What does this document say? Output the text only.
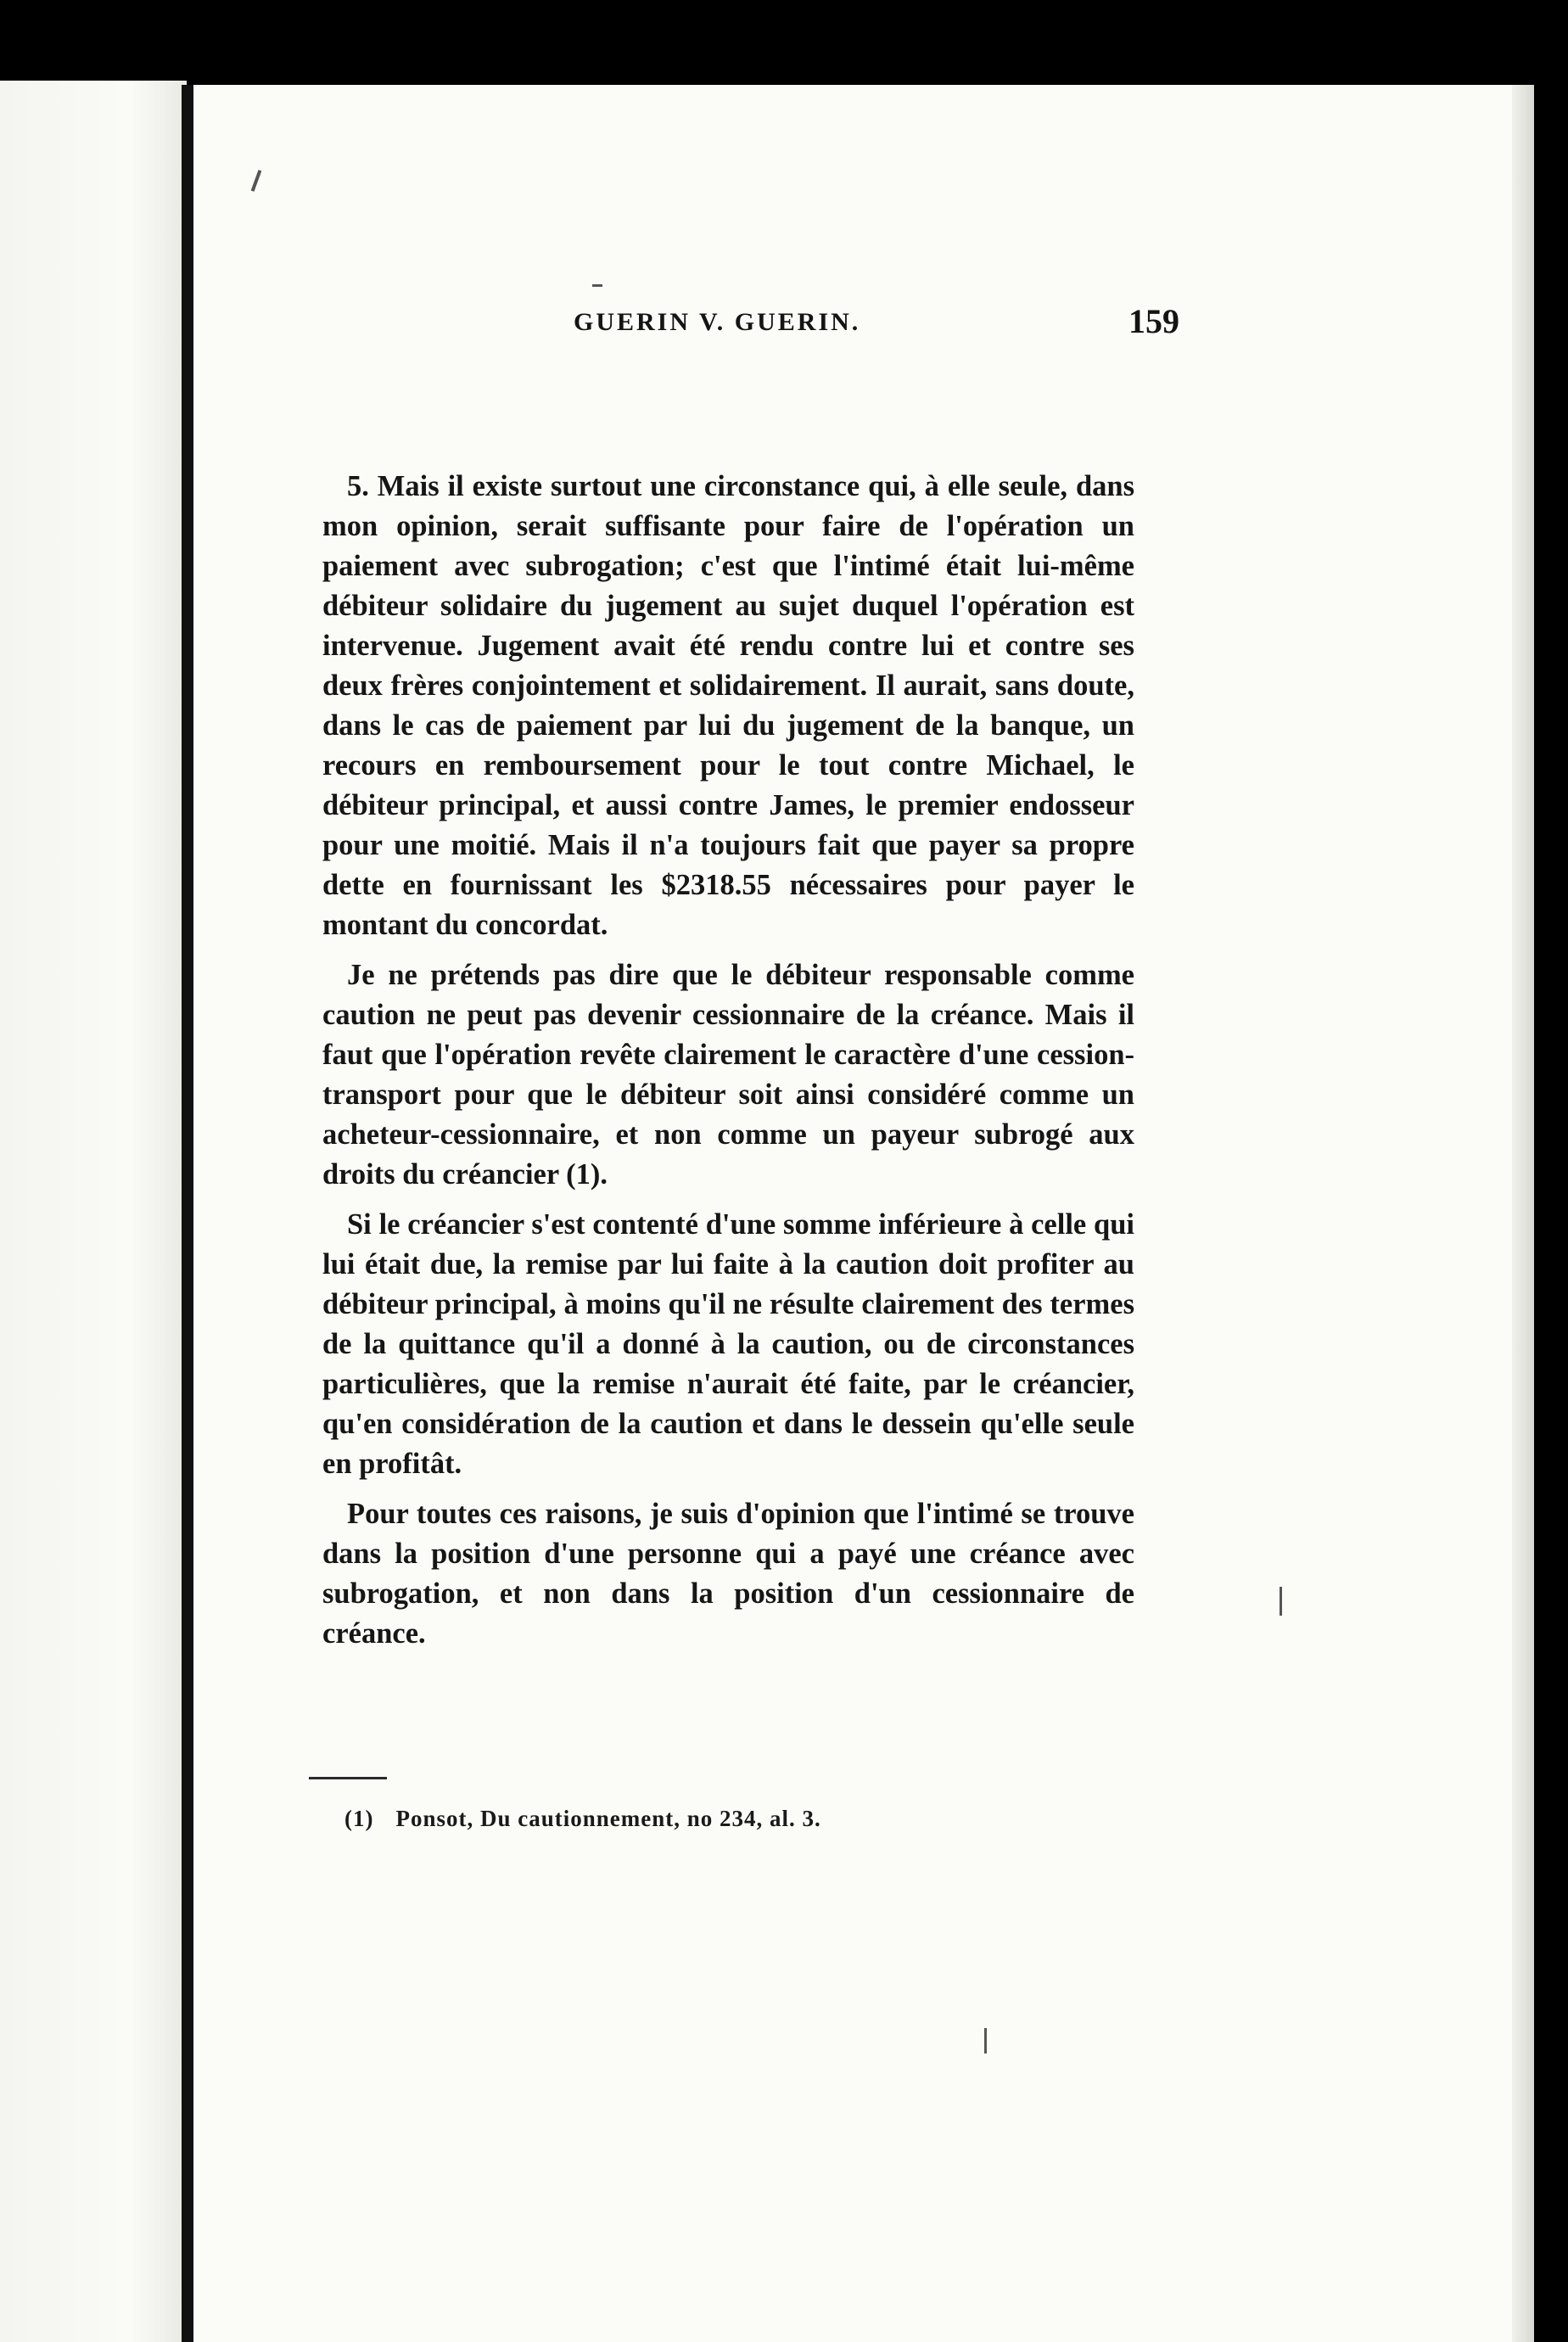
GUERIN V. GUERIN.	159

5. Mais il existe surtout une circonstance qui, à elle seule, dans mon opinion, serait suffisante pour faire de l'opération un paiement avec subrogation; c'est que l'intimé était lui-même débiteur solidaire du jugement au sujet duquel l'opération est intervenue. Jugement avait été rendu contre lui et contre ses deux frères conjointement et solidairement. Il aurait, sans doute, dans le cas de paiement par lui du jugement de la banque, un recours en remboursement pour le tout contre Michael, le débiteur principal, et aussi contre James, le premier endosseur pour une moitié. Mais il n'a toujours fait que payer sa propre dette en fournissant les $2318.55 nécessaires pour payer le montant du concordat.

Je ne prétends pas dire que le débiteur responsable comme caution ne peut pas devenir cessionnaire de la créance. Mais il faut que l'opération revête clairement le caractère d'une cession-transport pour que le débiteur soit ainsi considéré comme un acheteur-cessionnaire, et non comme un payeur subrogé aux droits du créancier (1).

Si le créancier s'est contenté d'une somme inférieure à celle qui lui était due, la remise par lui faite à la caution doit profiter au débiteur principal, à moins qu'il ne résulte clairement des termes de la quittance qu'il a donné à la caution, ou de circonstances particulières, que la remise n'aurait été faite, par le créancier, qu'en considération de la caution et dans le dessein qu'elle seule en profitât.

Pour toutes ces raisons, je suis d'opinion que l'intimé se trouve dans la position d'une personne qui a payé une créance avec subrogation, et non dans la position d'un cessionnaire de créance.

(1) Ponsot, Du cautionnement, no 234, al. 3.
